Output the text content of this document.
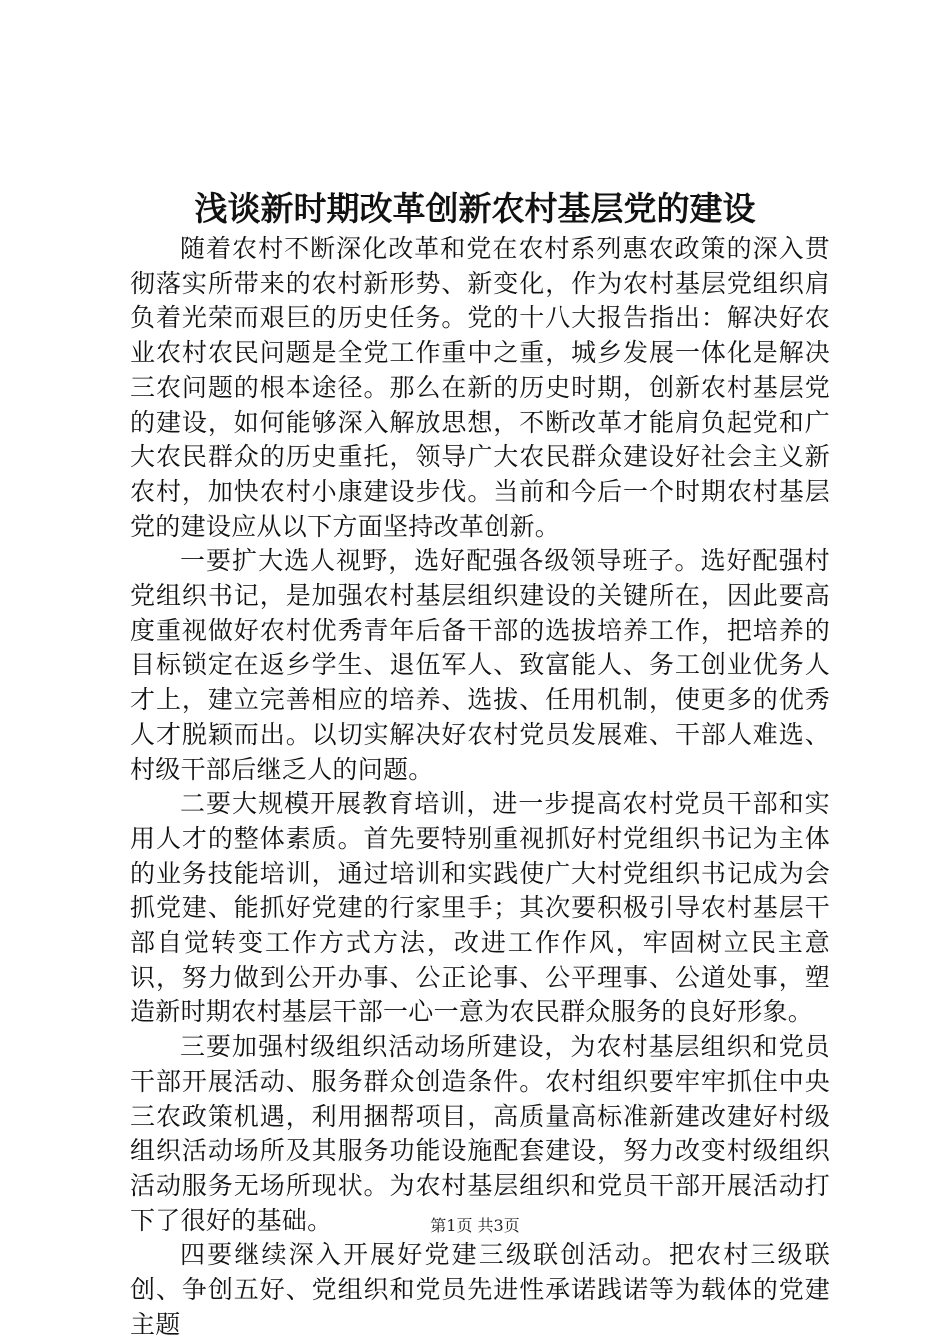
浅谈新时期改革创新农村基层党的建设

随着农村不断深化改革和党在农村系列惠农政策的深入贯彻落实所带来的农村新形势、新变化，作为农村基层党组织肩负着光荣而艰巨的历史任务。党的十八大报告指出：解决好农业农村农民问题是全党工作重中之重，城乡发展一体化是解决三农问题的根本途径。那么在新的历史时期，创新农村基层党的建设，如何能够深入解放思想，不断改革才能肩负起党和广大农民群众的历史重托，领导广大农民群众建设好社会主义新农村，加快农村小康建设步伐。当前和今后一个时期农村基层党的建设应从以下方面坚持改革创新。

一要扩大选人视野，选好配强各级领导班子。选好配强村党组织书记，是加强农村基层组织建设的关键所在，因此要高度重视做好农村优秀青年后备干部的选拔培养工作，把培养的目标锁定在返乡学生、退伍军人、致富能人、务工创业优务人才上，建立完善相应的培养、选拔、任用机制，使更多的优秀人才脱颖而出。以切实解决好农村党员发展难、干部人难选、村级干部后继乏人的问题。

二要大规模开展教育培训，进一步提高农村党员干部和实用人才的整体素质。首先要特别重视抓好村党组织书记为主体的业务技能培训，通过培训和实践使广大村党组织书记成为会抓党建、能抓好党建的行家里手；其次要积极引导农村基层干部自觉转变工作方式方法，改进工作作风，牢固树立民主意识，努力做到公开办事、公正论事、公平理事、公道处事，塑造新时期农村基层干部一心一意为农民群众服务的良好形象。

三要加强村级组织活动场所建设，为农村基层组织和党员干部开展活动、服务群众创造条件。农村组织要牢牢抓住中央三农政策机遇，利用捆帮项目，高质量高标准新建改建好村级组织活动场所及其服务功能设施配套建设，努力改变村级组织活动服务无场所现状。为农村基层组织和党员干部开展活动打下了很好的基础。

四要继续深入开展好党建三级联创活动。把农村三级联创、争创五好、党组织和党员先进性承诺践诺等为载体的党建主题

第1页 共3页
